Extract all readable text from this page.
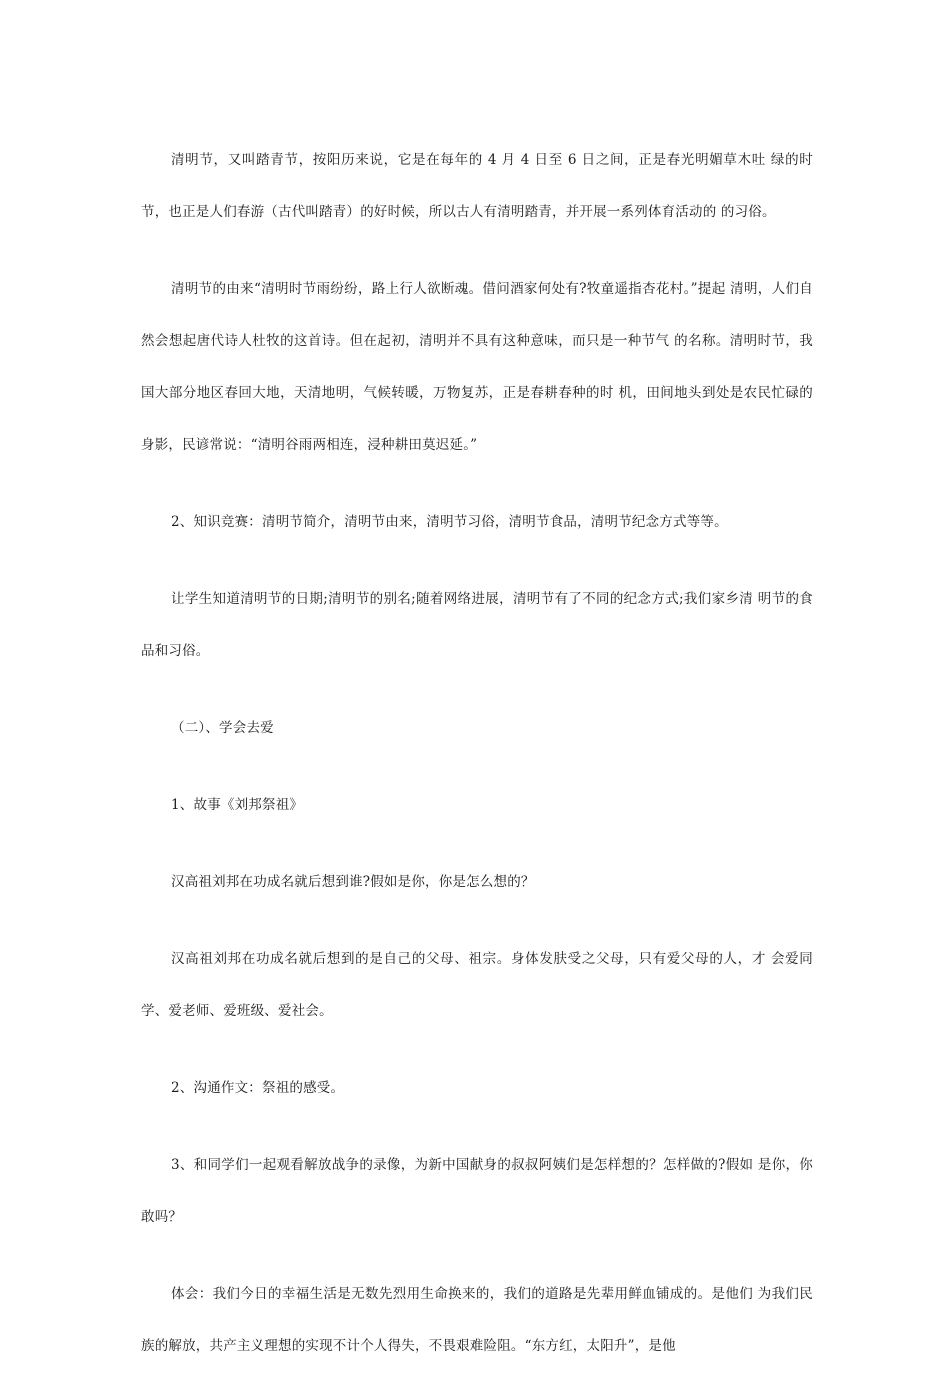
清明节，又叫踏青节，按阳历来说，它是在每年的 4 月 4 日至 6 日之间，正是春光明媚草木吐 绿的时节，也正是人们春游（古代叫踏青）的好时候，所以古人有清明踏青，并开展一系列体育活动的 的习俗。

清明节的由来“清明时节雨纷纷，路上行人欲断魂。借问酒家何处有?牧童遥指杏花村。”提起 清明，人们自然会想起唐代诗人杜牧的这首诗。但在起初，清明并不具有这种意味，而只是一种节气 的名称。清明时节，我国大部分地区春回大地，天清地明，气候转暖，万物复苏，正是春耕春种的时 机，田间地头到处是农民忙碌的身影，民谚常说：“清明谷雨两相连，浸种耕田莫迟延。”

2、知识竞赛：清明节简介，清明节由来，清明节习俗，清明节食品，清明节纪念方式等等。

让学生知道清明节的日期;清明节的别名;随着网络进展，清明节有了不同的纪念方式;我们家乡清 明节的食品和习俗。

（二）、学会去爱

1、故事《刘邦祭祖》

汉高祖刘邦在功成名就后想到谁?假如是你，你是怎么想的？

汉高祖刘邦在功成名就后想到的是自己的父母、祖宗。身体发肤受之父母，只有爱父母的人，才 会爱同学、爱老师、爱班级、爱社会。

2、沟通作文：祭祖的感受。

3、和同学们一起观看解放战争的录像，为新中国献身的叔叔阿姨们是怎样想的？怎样做的?假如 是你，你敢吗？

体会：我们今日的幸福生活是无数先烈用生命换来的，我们的道路是先辈用鲜血铺成的。是他们 为我们民族的解放，共产主义理想的实现不计个人得失，不畏艰难险阻。“东方红，太阳升”，是他
